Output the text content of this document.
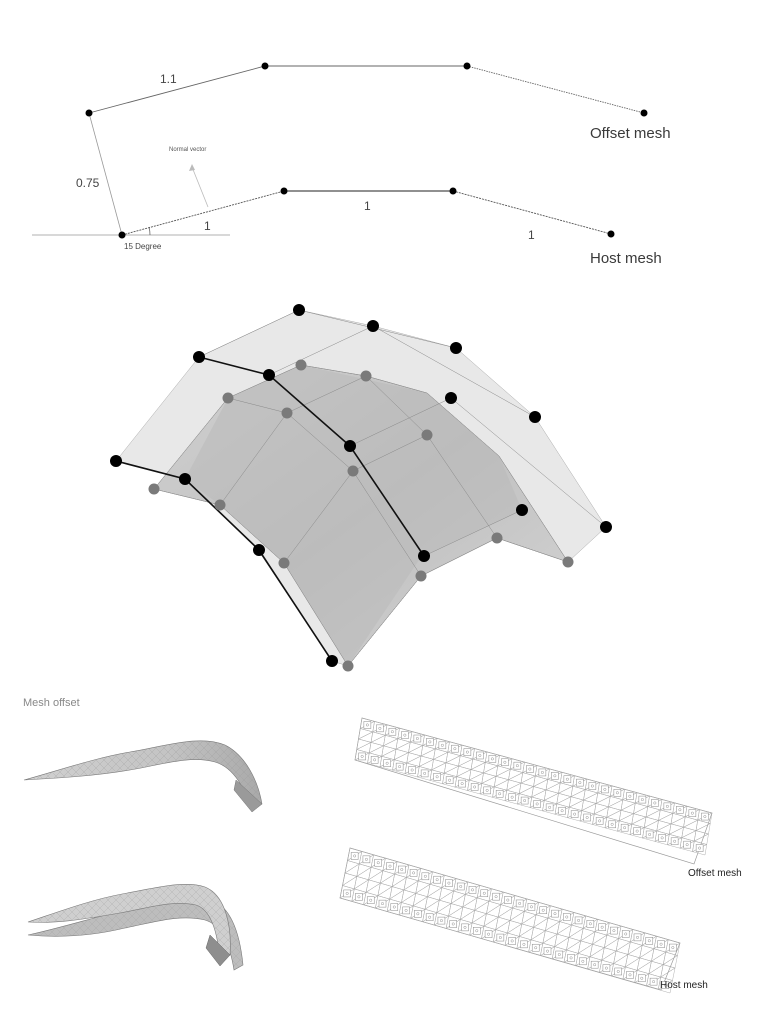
1.1
0.75
1
1
1
15 Degree
Normal vector
Offset mesh
Host mesh
Mesh offset
Offset mesh
Host mesh
